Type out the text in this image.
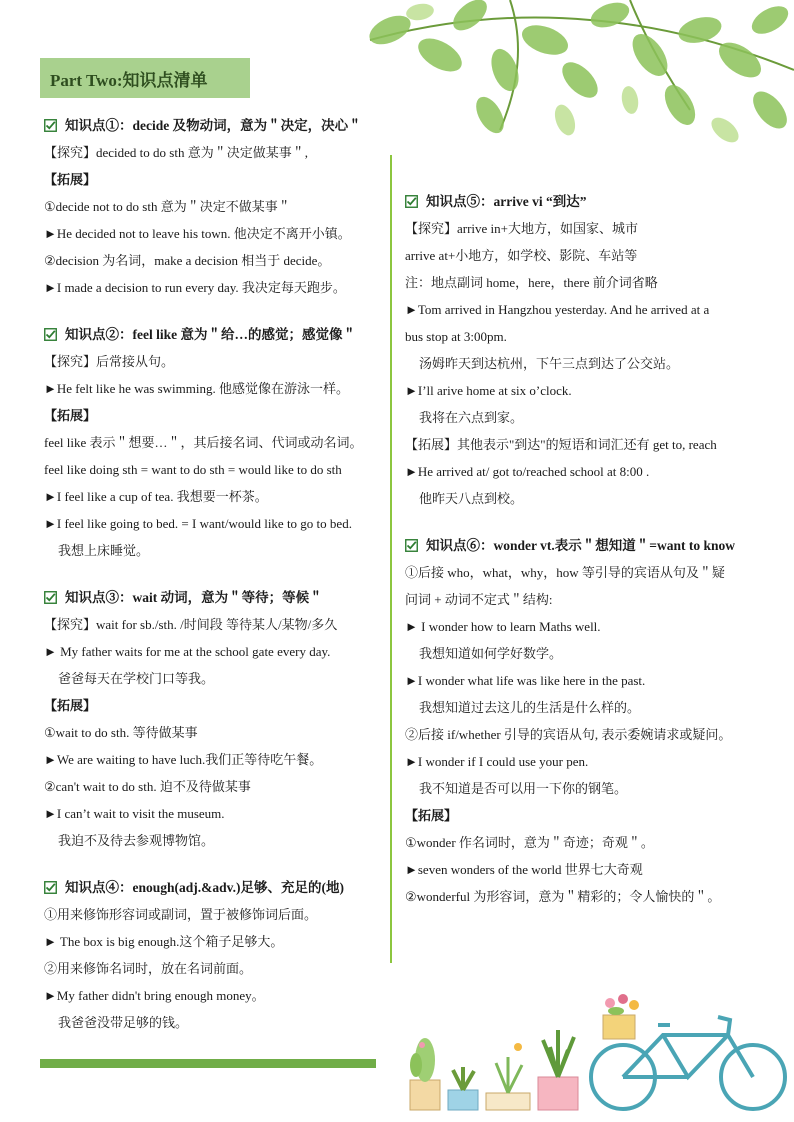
Part Two:知识点清单
知识点①：decide 及物动词，意为＂决定，决心＂
【探究】decided to do sth 意为＂决定做某事＂,
【拓展】
①decide not to do sth 意为＂决定不做某事＂
►He decided not to leave his town. 他决定不离开小镇。
②decision 为名词，make a decision 相当于 decide。
►I made a decision to run every day. 我决定每天跑步。
知识点②：feel like 意为＂给…的感觉；感觉像＂
【探究】后常接从句。
►He felt like he was swimming. 他感觉像在游泳一样。
【拓展】
feel like 表示＂想要…＂，其后接名词、代词或动名词。
feel like doing sth = want to do sth = would like to do sth
►I feel like a cup of tea. 我想要一杯茶。
►I feel like going to bed. = I want/would like to go to bed.
我想上床睡觉。
知识点③：wait 动词，意为＂等待；等候＂
【探究】wait for sb./sth. /时间段 等待某人/某物/多久
► My father waits for me at the school gate every day.
爸爸每天在学校门口等我。
【拓展】
①wait to do sth. 等待做某事
►We are waiting to have luch.我们正等待吃午餐。
②can't wait to do sth. 迫不及待做某事
►I can’t wait to visit the museum.
我迫不及待去参观博物馆。
知识点④：enough(adj.&adv.)足够、充足的(地)
①用来修饰形容词或副词，置于被修饰词后面。
► The box is big enough.这个箱子足够大。
②用来修饰名词时，放在名词前面。
►My father didn't bring enough money。
我爸爸没带足够的钱。
知识点⑤：arrive vi “到达”
【探究】arrive in+大地方，如国家、城市
arrive at+小地方，如学校、影院、车站等
注：地点副词 home，here，there 前介词省略
►Tom arrived in Hangzhou yesterday. And he arrived at a
bus stop at 3:00pm.
汤姆昨天到达杭州，下午三点到达了公交站。
►I’ll arive home at six o’clock.
我将在六点到家。
【拓展】其他表示"到达"的短语和词汇还有 get to, reach
►He arrived at/ got to/reached school at 8:00 .
他昨天八点到校。
知识点⑥：wonder vt.表示＂想知道＂=want to know
①后接 who，what，why，how 等引导的宾语从句及＂疑
问词 + 动词不定式＂结构:
► I wonder how to learn Maths well.
我想知道如何学好数学。
►I wonder what life was like here in the past.
我想知道过去这儿的生活是什么样的。
②后接 if/whether 引导的宾语从句, 表示委婉请求或疑问。
►I wonder if I could use your pen.
我不知道是否可以用一下你的钢笔。
【拓展】
①wonder 作名词时，意为＂奇迹；奇观＂。
►seven wonders of the world 世界七大奇观
②wonderful 为形容词，意为＂精彩的；令人愉快的＂。
